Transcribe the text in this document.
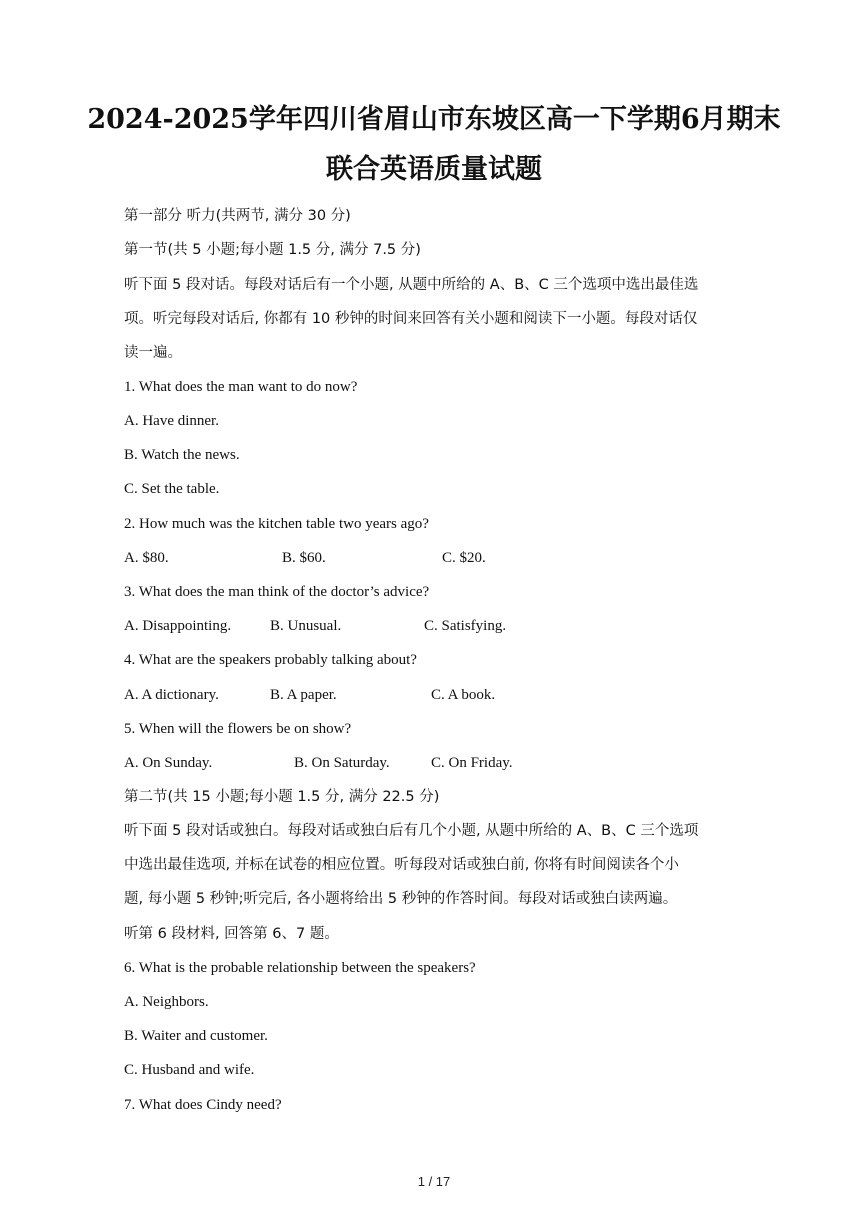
2024-2025学年四川省眉山市东坡区高一下学期6月期末
联合英语质量试题
第一部分 听力(共两节, 满分 30 分)
第一节(共 5 小题;每小题 1.5 分, 满分 7.5 分)
听下面 5 段对话。每段对话后有一个小题, 从题中所给的 A、B、C 三个选项中选出最佳选
项。听完每段对话后, 你都有 10 秒钟的时间来回答有关小题和阅读下一小题。每段对话仅
读一遍。
1. What does the man want to do now?
A. Have dinner.
B. Watch the news.
C. Set the table.
2. How much was the kitchen table two years ago?
A. $80.	B. $60.	C. $20.
3. What does the man think of the doctor’s advice?
A. Disappointing.	B. Unusual.	C. Satisfying.
4. What are the speakers probably talking about?
A. A dictionary.	B. A paper.	C. A book.
5. When will the flowers be on show?
A. On Sunday.	B. On Saturday.	C. On Friday.
第二节(共 15 小题;每小题 1.5 分, 满分 22.5 分)
听下面 5 段对话或独白。每段对话或独白后有几个小题, 从题中所给的 A、B、C 三个选项
中选出最佳选项, 并标在试卷的相应位置。听每段对话或独白前, 你将有时间阅读各个小
题, 每小题 5 秒钟;听完后, 各小题将给出 5 秒钟的作答时间。每段对话或独白读两遍。
听第 6 段材料, 回答第 6、7 题。
6. What is the probable relationship between the speakers?
A. Neighbors.
B. Waiter and customer.
C. Husband and wife.
7. What does Cindy need?
1 / 17
